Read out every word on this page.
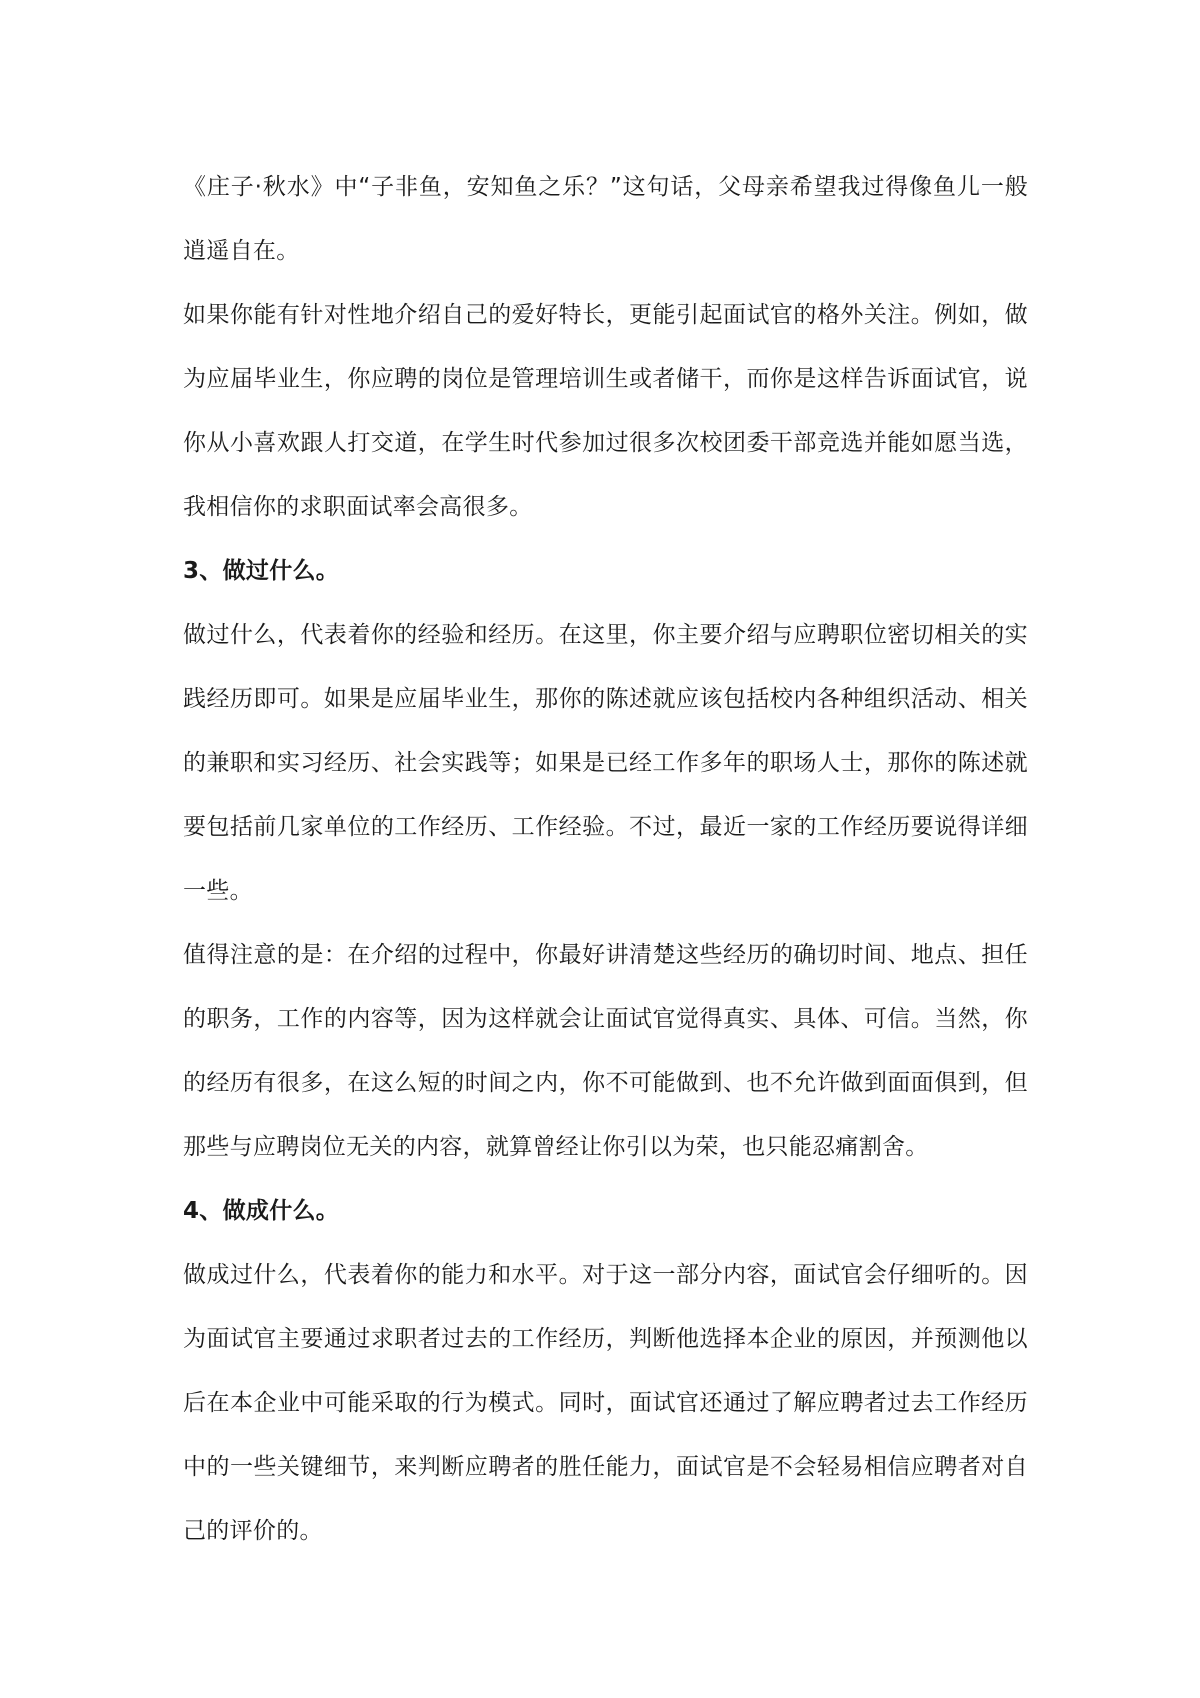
《庄子·秋水》中“子非鱼，安知鱼之乐？”这句话，父母亲希望我过得像鱼儿一般逍遥自在。

如果你能有针对性地介绍自己的爱好特长，更能引起面试官的格外关注。例如，做为应届毕业生，你应聘的岗位是管理培训生或者储干，而你是这样告诉面试官，说你从小喜欢跟人打交道，在学生时代参加过很多次校团委干部竞选并能如愿当选，我相信你的求职面试率会高很多。

3、做过什么。

做过什么，代表着你的经验和经历。在这里，你主要介绍与应聘职位密切相关的实践经历即可。如果是应届毕业生，那你的陈述就应该包括校内各种组织活动、相关的兼职和实习经历、社会实践等；如果是已经工作多年的职场人士，那你的陈述就要包括前几家单位的工作经历、工作经验。不过，最近一家的工作经历要说得详细一些。

值得注意的是：在介绍的过程中，你最好讲清楚这些经历的确切时间、地点、担任的职务，工作的内容等，因为这样就会让面试官觉得真实、具体、可信。当然，你的经历有很多，在这么短的时间之内，你不可能做到、也不允许做到面面俱到，但那些与应聘岗位无关的内容，就算曾经让你引以为荣，也只能忍痛割舍。

4、做成什么。

做成过什么，代表着你的能力和水平。对于这一部分内容，面试官会仔细听的。因为面试官主要通过求职者过去的工作经历，判断他选择本企业的原因，并预测他以后在本企业中可能采取的行为模式。同时，面试官还通过了解应聘者过去工作经历中的一些关键细节，来判断应聘者的胜任能力，面试官是不会轻易相信应聘者对自己的评价的。
